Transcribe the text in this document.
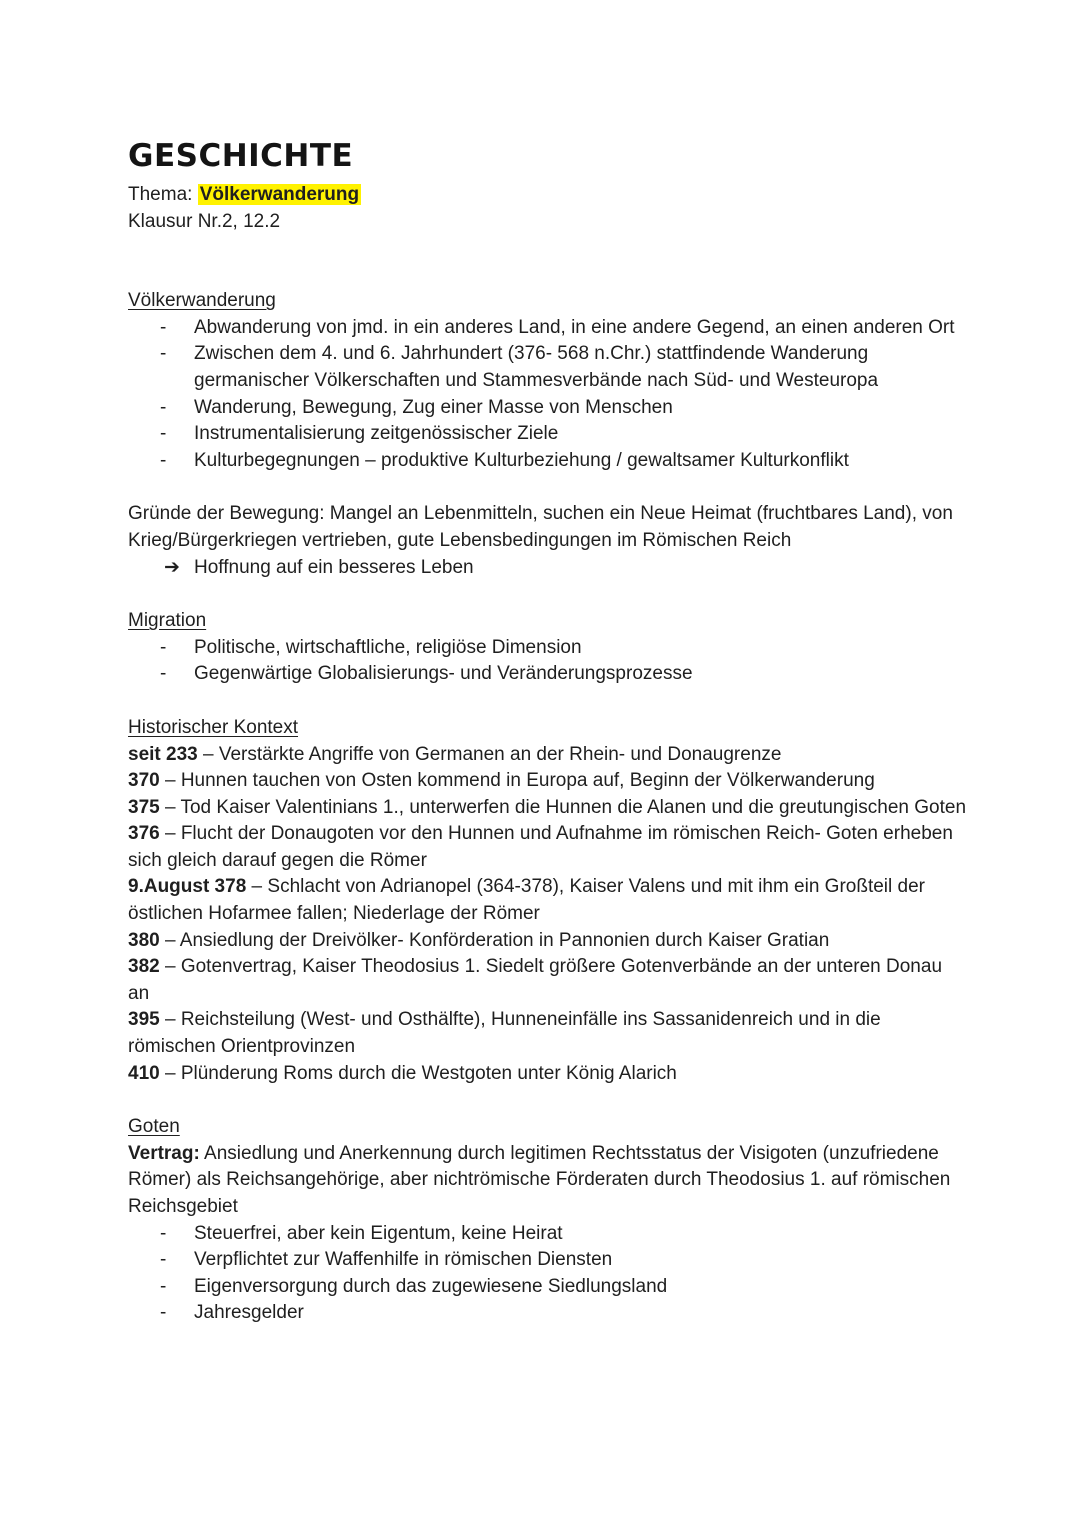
GESCHICHTE

Thema: Völkerwanderung

Klausur Nr.2, 12.2

Völkerwanderung

- Abwanderung von jmd. in ein anderes Land, in eine andere Gegend, an einen anderen Ort
- Zwischen dem 4. und 6. Jahrhundert (376- 568 n.Chr.) stattfindende Wanderung germanischer Völkerschaften und Stammesverbände nach Süd- und Westeuropa
- Wanderung, Bewegung, Zug einer Masse von Menschen
- Instrumentalisierung zeitgenössischer Ziele
- Kulturbegegnungen – produktive Kulturbeziehung / gewaltsamer Kulturkonflikt

Gründe der Bewegung: Mangel an Lebenmitteln, suchen ein Neue Heimat (fruchtbares Land), von Krieg/Bürgerkriegen vertrieben, gute Lebensbedingungen im Römischen Reich

➔ Hoffnung auf ein besseres Leben

Migration

- Politische, wirtschaftliche, religiöse Dimension
- Gegenwärtige Globalisierungs- und Veränderungsprozesse

Historischer Kontext

seit 233 – Verstärkte Angriffe von Germanen an der Rhein- und Donaugrenze

370 – Hunnen tauchen von Osten kommend in Europa auf, Beginn der Völkerwanderung

375 – Tod Kaiser Valentinians 1., unterwerfen die Hunnen die Alanen und die greutungischen Goten

376 – Flucht der Donaugoten vor den Hunnen und Aufnahme im römischen Reich- Goten erheben sich gleich darauf gegen die Römer

9.August 378 – Schlacht von Adrianopel (364-378), Kaiser Valens und mit ihm ein Großteil der östlichen Hofarmee fallen; Niederlage der Römer

380 – Ansiedlung der Dreivölker- Konförderation in Pannonien durch Kaiser Gratian

382 – Gotenvertrag, Kaiser Theodosius 1. Siedelt größere Gotenverbände an der unteren Donau an

395 – Reichsteilung (West- und Osthälfte), Hunneneinfälle ins Sassanidenreich und in die römischen Orientprovinzen

410 – Plünderung Roms durch die Westgoten unter König Alarich

Goten

Vertrag: Ansiedlung und Anerkennung durch legitimen Rechtsstatus der Visigoten (unzufriedene Römer) als Reichsangehörige, aber nichtrömische Förderaten durch Theodosius 1. auf römischen Reichsgebiet

- Steuerfrei, aber kein Eigentum, keine Heirat
- Verpflichtet zur Waffenhilfe in römischen Diensten
- Eigenversorgung durch das zugewiesene Siedlungsland
- Jahresgelder
